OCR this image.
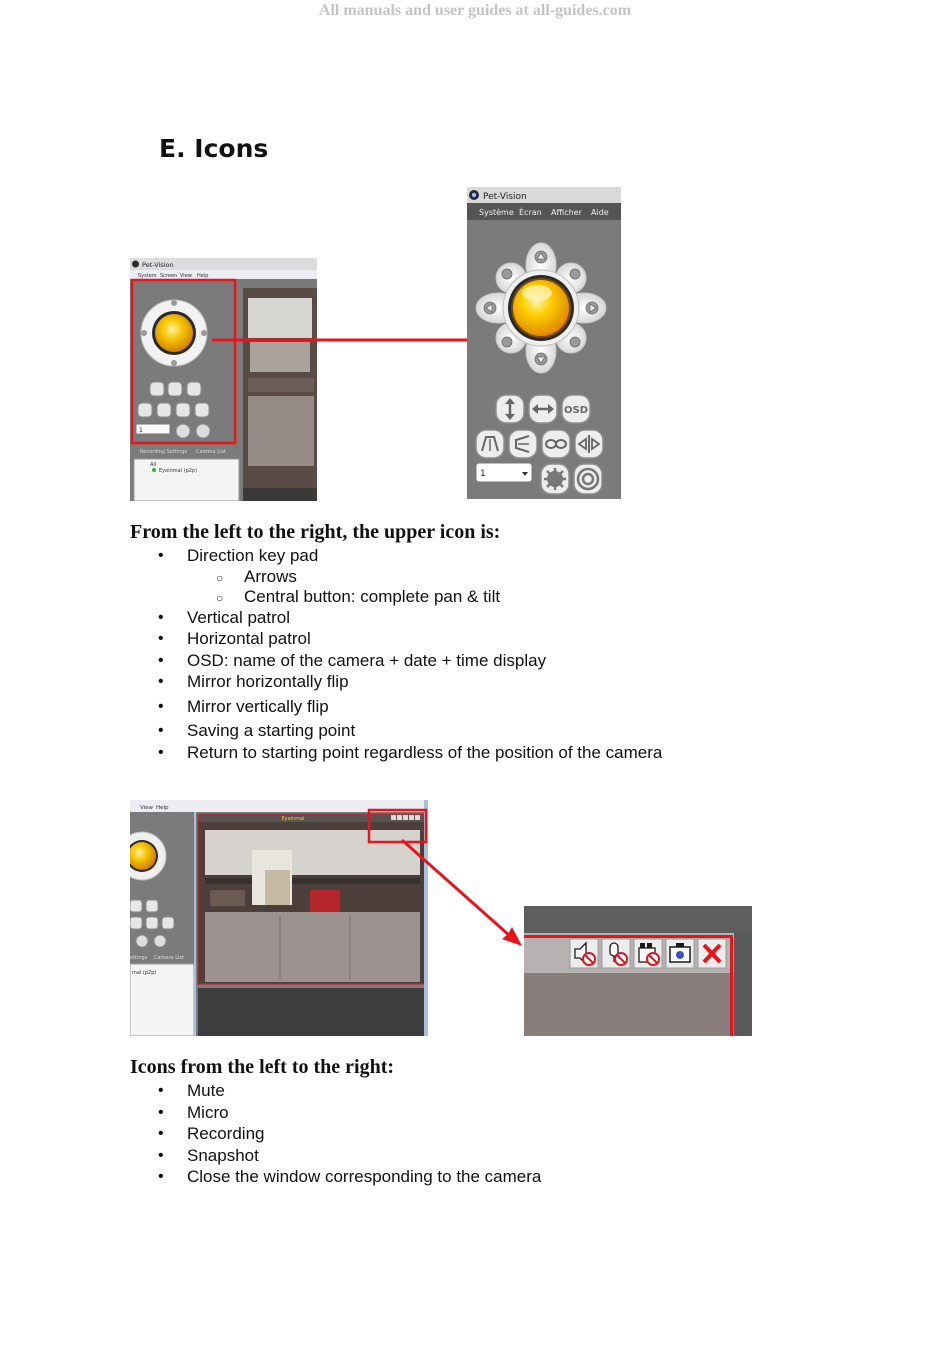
All manuals and user guides at all-guides.com
E. Icons
Pet-Vision
System Screen View Help
1
Recording Settings Camera List
All
Eyeinmal (p2p)
Pet-Vision
Système Écran Afficher Aide
OSD
1
From the left to the right, the upper icon is:
• Direction key pad
○ Arrows
○ Central button: complete pan & tilt
• Vertical patrol
• Horizontal patrol
• OSD: name of the camera + date + time display
• Mirror horizontally flip
• Mirror vertically flip
• Saving a starting point
• Return to starting point regardless of the position of the camera
View Help
ettings Camera List
mal (p2p)
Eyeinmal
Icons from the left to the right:
• Mute
• Micro
• Recording
• Snapshot
• Close the window corresponding to the camera
